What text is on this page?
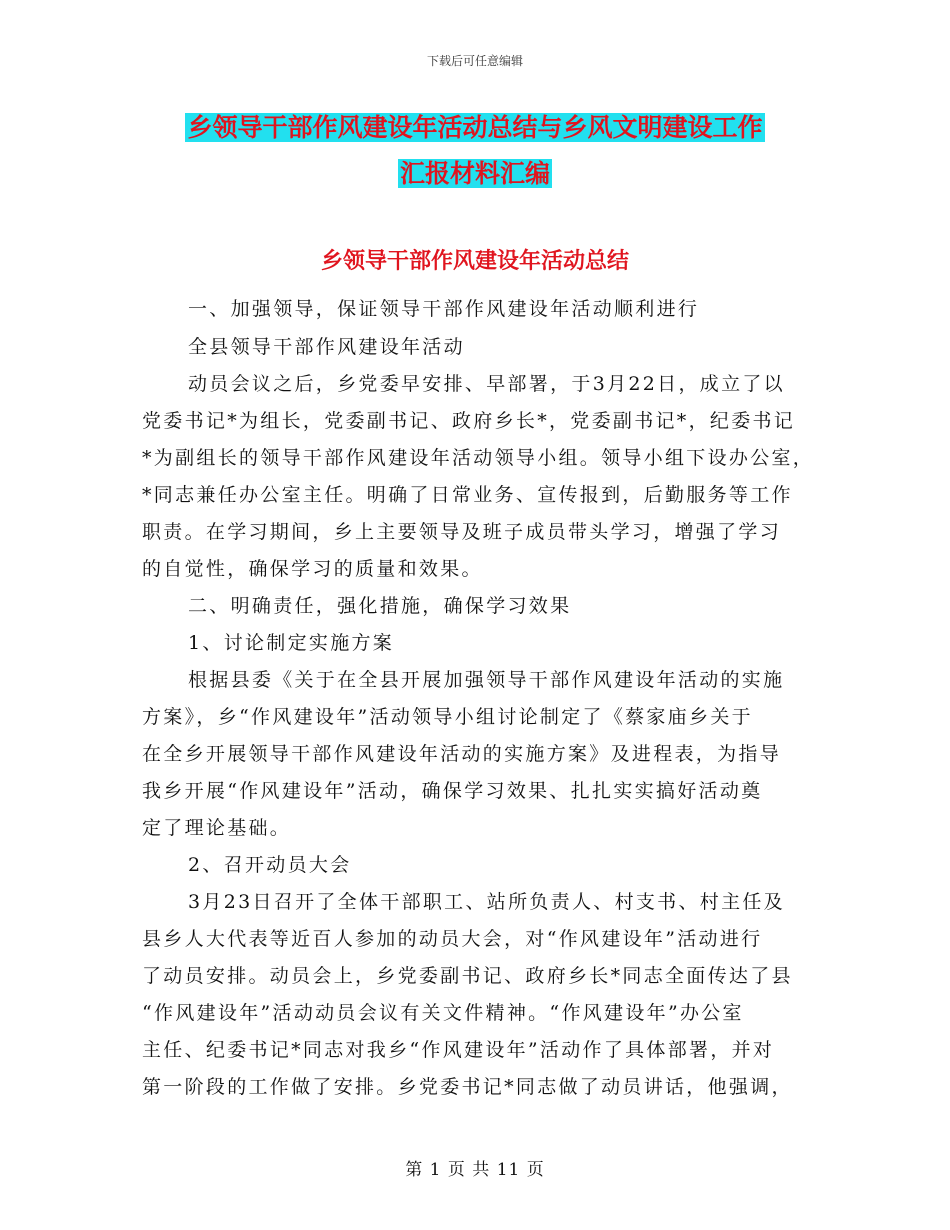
下载后可任意编辑
乡领导干部作风建设年活动总结与乡风文明建设工作
汇报材料汇编
乡领导干部作风建设年活动总结
一、加强领导，保证领导干部作风建设年活动顺利进行
全县领导干部作风建设年活动
动员会议之后，乡党委早安排、早部署，于3月22日，成立了以
党委书记*为组长，党委副书记、政府乡长*，党委副书记*，纪委书记
*为副组长的领导干部作风建设年活动领导小组。领导小组下设办公室，
*同志兼任办公室主任。明确了日常业务、宣传报到，后勤服务等工作
职责。在学习期间，乡上主要领导及班子成员带头学习，增强了学习
的自觉性，确保学习的质量和效果。
二、明确责任，强化措施，确保学习效果
1、讨论制定实施方案
根据县委《关于在全县开展加强领导干部作风建设年活动的实施
方案》，乡“作风建设年”活动领导小组讨论制定了《蔡家庙乡关于
在全乡开展领导干部作风建设年活动的实施方案》及进程表，为指导
我乡开展“作风建设年”活动，确保学习效果、扎扎实实搞好活动奠
定了理论基础。
2、召开动员大会
3月23日召开了全体干部职工、站所负责人、村支书、村主任及
县乡人大代表等近百人参加的动员大会，对“作风建设年”活动进行
了动员安排。动员会上，乡党委副书记、政府乡长*同志全面传达了县
“作风建设年”活动动员会议有关文件精神。“作风建设年”办公室
主任、纪委书记*同志对我乡“作风建设年”活动作了具体部署，并对
第一阶段的工作做了安排。乡党委书记*同志做了动员讲话，他强调，
第 1 页 共 11 页
